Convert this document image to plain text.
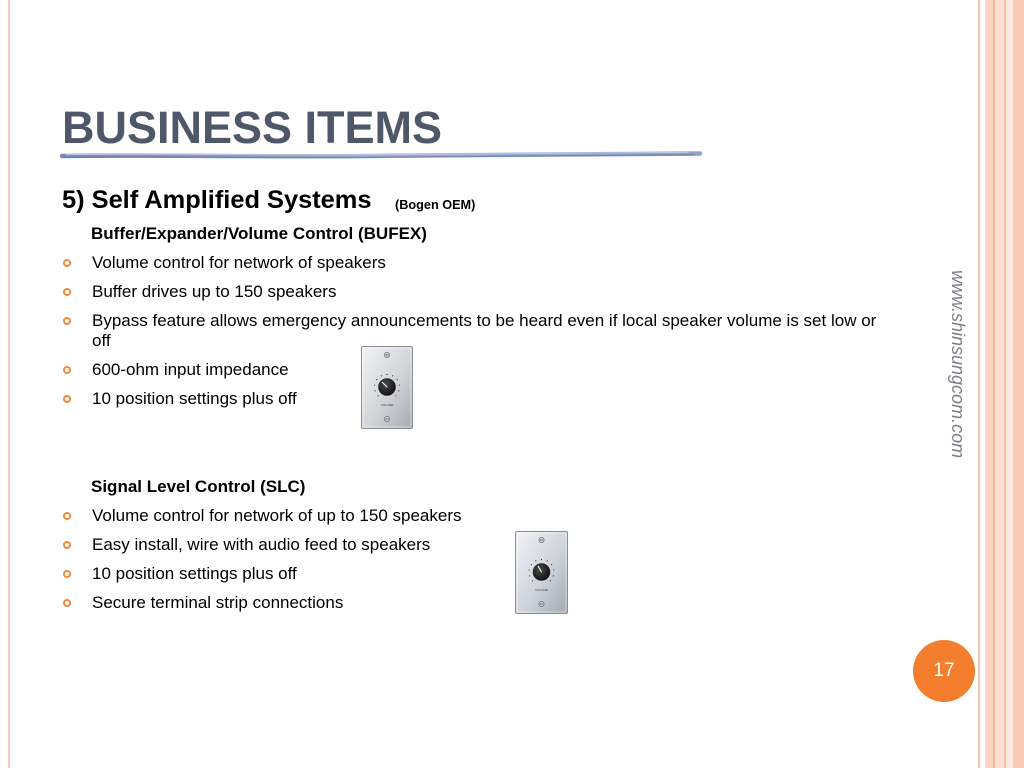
BUSINESS ITEMS
5) Self Amplified Systems (Bogen OEM)
Buffer/Expander/Volume Control (BUFEX)
Volume control for network of speakers
Buffer drives up to 150 speakers
Bypass feature allows emergency announcements to be heard even if local speaker volume is set low or off
600-ohm input impedance
10 position settings plus off	VOLUME
Signal Level Control (SLC)
Volume control for network of up to 150 speakers
Easy install, wire with audio feed to speakers
10 position settings plus off
Secure terminal strip connections
VOLUME
www.shinsungcom.com
17
